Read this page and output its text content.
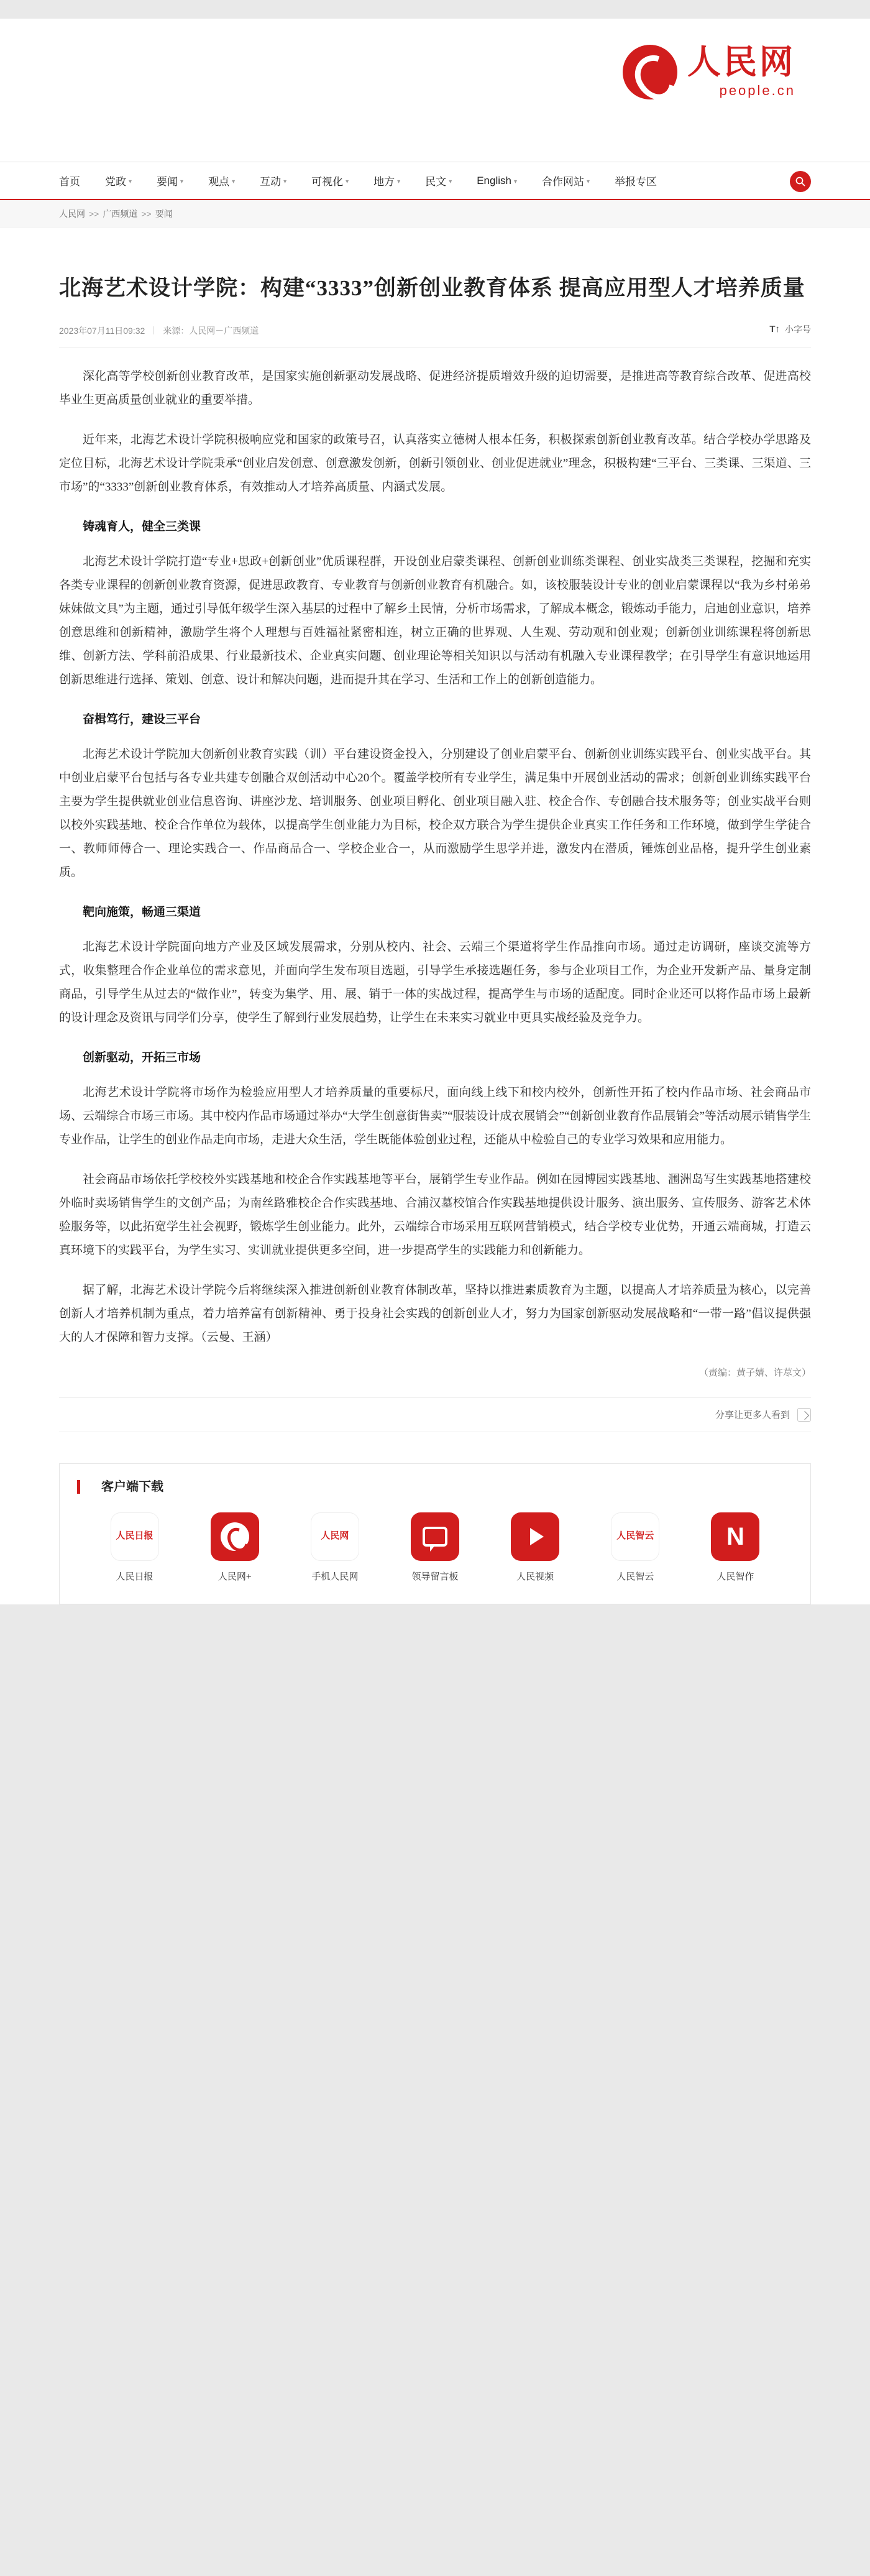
人民网
people.cn
首页 党政 ▾ 要闻 ▾ 观点 ▾ 互动 ▾ 可视化 ▾ 地方 ▾ 民文 ▾ English ▾ 合作网站 ▾ 举报专区
人民网 >> 广西频道 >> 要闻
北海艺术设计学院：构建“3333”创新创业教育体系 提高应用型人才培养质量
2023年07月11日09:32 来源： 人民网－广西频道	T↑ 小字号

深化高等学校创新创业教育改革，是国家实施创新驱动发展战略、促进经济提质增效升级的迫切需要，是推进高等教育综合改革、促进高校毕业生更高质量创业就业的重要举措。

近年来，北海艺术设计学院积极响应党和国家的政策号召，认真落实立德树人根本任务，积极探索创新创业教育改革。结合学校办学思路及定位目标，北海艺术设计学院秉承“创业启发创意、创意激发创新，创新引领创业、创业促进就业”理念，积极构建“三平台、三类课、三渠道、三市场”的“3333”创新创业教育体系，有效推动人才培养高质量、内涵式发展。

铸魂育人，健全三类课

北海艺术设计学院打造“专业+思政+创新创业”优质课程群，开设创业启蒙类课程、创新创业训练类课程、创业实战类三类课程，挖掘和充实各类专业课程的创新创业教育资源，促进思政教育、专业教育与创新创业教育有机融合。如，该校服装设计专业的创业启蒙课程以“我为乡村弟弟妹妹做文具”为主题，通过引导低年级学生深入基层的过程中了解乡土民情，分析市场需求，了解成本概念，锻炼动手能力，启迪创业意识，培养创意思维和创新精神，激励学生将个人理想与百姓福祉紧密相连，树立正确的世界观、人生观、劳动观和创业观；创新创业训练课程将创新思维、创新方法、学科前沿成果、行业最新技术、企业真实问题、创业理论等相关知识以与活动有机融入专业课程教学；在引导学生有意识地运用创新思维进行选择、策划、创意、设计和解决问题，进而提升其在学习、生活和工作上的创新创造能力。

奋楫笃行，建设三平台

北海艺术设计学院加大创新创业教育实践（训）平台建设资金投入，分别建设了创业启蒙平台、创新创业训练实践平台、创业实战平台。其中创业启蒙平台包括与各专业共建专创融合双创活动中心20个。覆盖学校所有专业学生，满足集中开展创业活动的需求；创新创业训练实践平台主要为学生提供就业创业信息咨询、讲座沙龙、培训服务、创业项目孵化、创业项目融入驻、校企合作、专创融合技术服务等；创业实战平台则以校外实践基地、校企合作单位为载体，以提高学生创业能力为目标，校企双方联合为学生提供企业真实工作任务和工作环境，做到学生学徒合一、教师师傅合一、理论实践合一、作品商品合一、学校企业合一，从而激励学生思学并进，激发内在潜质，锤炼创业品格，提升学生创业素质。

靶向施策，畅通三渠道

北海艺术设计学院面向地方产业及区域发展需求，分别从校内、社会、云端三个渠道将学生作品推向市场。通过走访调研，座谈交流等方式，收集整理合作企业单位的需求意见，并面向学生发布项目选题，引导学生承接选题任务，参与企业项目工作，为企业开发新产品、量身定制商品，引导学生从过去的“做作业”，转变为集学、用、展、销于一体的实战过程，提高学生与市场的适配度。同时企业还可以将作品市场上最新的设计理念及资讯与同学们分享，使学生了解到行业发展趋势，让学生在未来实习就业中更具实战经验及竞争力。

创新驱动，开拓三市场

北海艺术设计学院将市场作为检验应用型人才培养质量的重要标尺，面向线上线下和校内校外，创新性开拓了校内作品市场、社会商品市场、云端综合市场三市场。其中校内作品市场通过举办“大学生创意街售卖”“服装设计成衣展销会”“创新创业教育作品展销会”等活动展示销售学生专业作品，让学生的创业作品走向市场，走进大众生活，学生既能体验创业过程，还能从中检验自己的专业学习效果和应用能力。

社会商品市场依托学校校外实践基地和校企合作实践基地等平台，展销学生专业作品。例如在园博园实践基地、涠洲岛写生实践基地搭建校外临时卖场销售学生的文创产品；为南丝路雅校企合作实践基地、合浦汉墓校馆合作实践基地提供设计服务、演出服务、宣传服务、游客艺术体验服务等，以此拓宽学生社会视野，锻炼学生创业能力。此外，云端综合市场采用互联网营销模式，结合学校专业优势，开通云端商城，打造云真环境下的实践平台，为学生实习、实训就业提供更多空间，进一步提高学生的实践能力和创新能力。

据了解，北海艺术设计学院今后将继续深入推进创新创业教育体制改革，坚持以推进素质教育为主题，以提高人才培养质量为核心，以完善创新人才培养机制为重点，着力培养富有创新精神、勇于投身社会实践的创新创业人才，努力为国家创新驱动发展战略和“一带一路”倡议提供强大的人才保障和智力支撑。（云曼、王涵）

（责编：黄子婧、许荩文）
分享让更多人看到
客户端下载
人民日报
人民日报	人民网+
人民网
手机人民网	领导留言板	人民视频
人民智云
人民智云
N
人民智作
